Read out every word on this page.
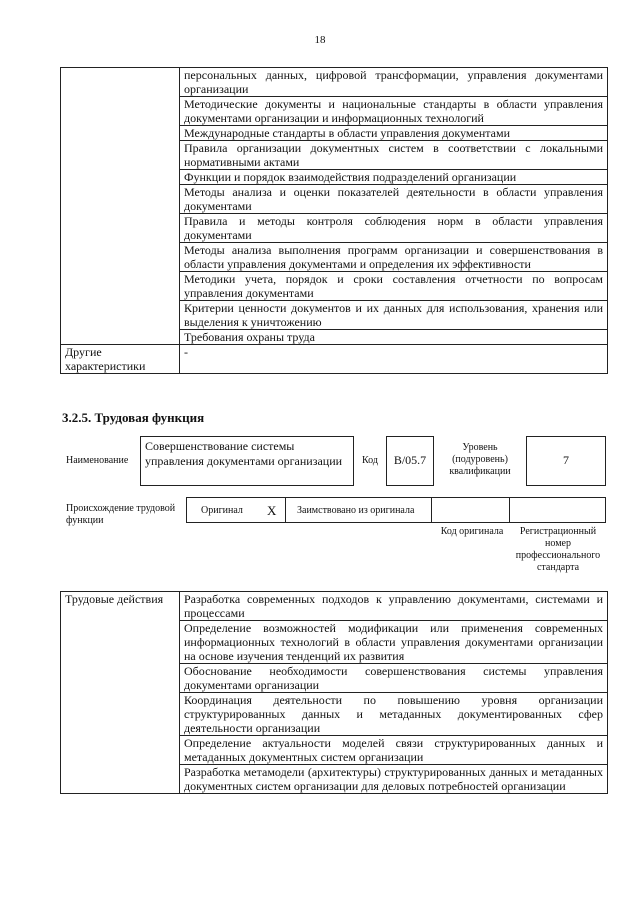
18
	персональных данных, цифровой трансформации, управления документами организации
	Методические документы и национальные стандарты в области управления документами организации и информационных технологий
	Международные стандарты в области управления документами
	Правила организации документных систем в соответствии с локальными нормативными актами
	Функции и порядок взаимодействия подразделений организации
	Методы анализа и оценки показателей деятельности в области управления документами
	Правила и методы контроля соблюдения норм в области управления документами
	Методы анализа выполнения программ организации и совершенствования в области управления документами и определения их эффективности
	Методики учета, порядок и сроки составления отчетности по вопросам управления документами
	Критерии ценности документов и их данных для использования, хранения или выделения к уничтожению
	Требования охраны труда
Другие характеристики	-
3.2.5. Трудовая функция
Наименование
Совершенствование системы управления документами организации	Код	B/05.7
Уровень (подуровень) квалификации
7
Происхождение трудовой функции
Оригинал X Заимствовано из оригинала
Код оригинала	Регистрационный номер профессионального стандарта
Трудовые действия	Разработка современных подходов к управлению документами, системами и процессами
Определение возможностей модификации или применения современных информационных технологий в области управления документами организации на основе изучения тенденций их развития
Обоснование необходимости совершенствования системы управления документами организации
Координация деятельности по повышению уровня организации структурированных данных и метаданных документированных сфер деятельности организации
Определение актуальности моделей связи структурированных данных и метаданных документных систем организации
Разработка метамодели (архитектуры) структурированных данных и метаданных документных систем организации для деловых потребностей организации
